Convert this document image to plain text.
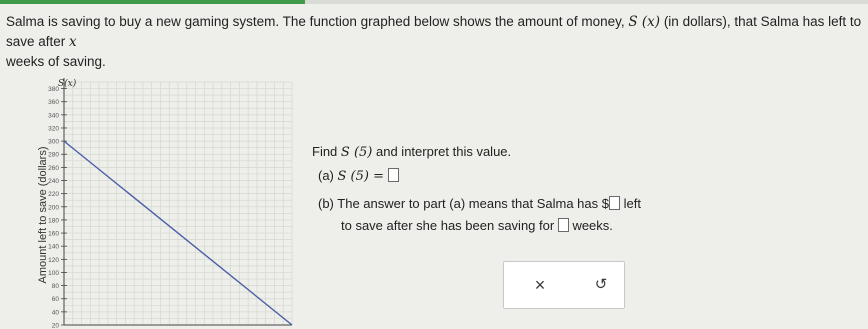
Salma is saving to buy a new gaming system. The function graphed below shows the amount of money, S (x) (in dollars), that Salma has left to save after x
weeks of saving.
380
360
340
320
300
280
260
240
220
200
180
160
140
120
100
80
60
40
20
Amount left to save (dollars)
S(x)
Find S (5) and interpret this value.
(a) S (5) =
(b) The answer to part (a) means that Salma has $ left
to save after she has been saving for weeks.
×	↺
